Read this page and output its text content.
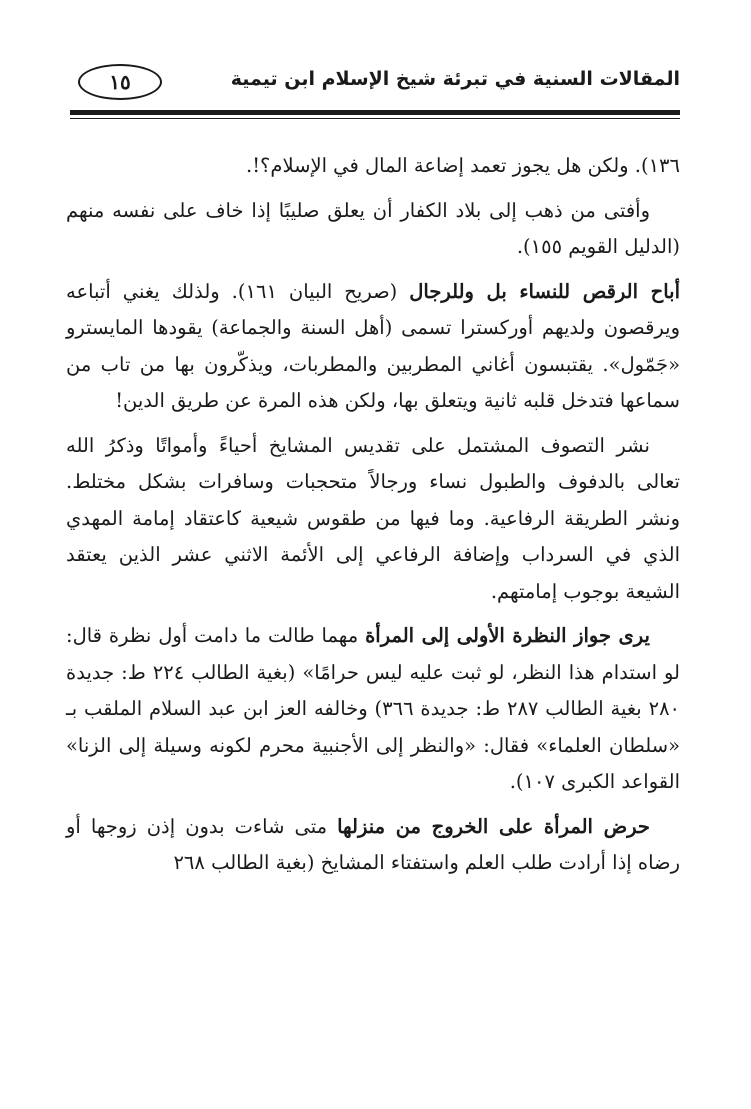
المقالات السنية في تبرئة شيخ الإسلام ابن تيمية
١٥

١٣٦). ولكن هل يجوز تعمد إضاعة المال في الإسلام؟!.

وأفتى من ذهب إلى بلاد الكفار أن يعلق صليبًا إذا خاف على نفسه منهم (الدليل القويم ١٥٥).

أباح الرقص للنساء بل وللرجال (صريح البيان ١٦١). ولذلك يغني أتباعه ويرقصون ولديهم أوركسترا تسمى (أهل السنة والجماعة) يقودها المايسترو «جَمّول». يقتبسون أغاني المطربين والمطربات، ويذكّرون بها من تاب من سماعها فتدخل قلبه ثانية ويتعلق بها، ولكن هذه المرة عن طريق الدين!

نشر التصوف المشتمل على تقديس المشايخ أحياءً وأمواتًا وذكرُ الله تعالى بالدفوف والطبول نساء ورجالاً متحجبات وسافرات بشكل مختلط. ونشر الطريقة الرفاعية. وما فيها من طقوس شيعية كاعتقاد إمامة المهدي الذي في السرداب وإضافة الرفاعي إلى الأئمة الاثني عشر الذين يعتقد الشيعة بوجوب إمامتهم.

يرى جواز النظرة الأولى إلى المرأة مهما طالت ما دامت أول نظرة قال: لو استدام هذا النظر، لو ثبت عليه ليس حرامًا» (بغية الطالب ٢٢٤ ط: جديدة ٢٨٠ بغية الطالب ٢٨٧ ط: جديدة ٣٦٦) وخالفه العز ابن عبد السلام الملقب بـ «سلطان العلماء» فقال: «والنظر إلى الأجنبية محرم لكونه وسيلة إلى الزنا» القواعد الكبرى ١٠٧).

حرض المرأة على الخروج من منزلها متى شاءت بدون إذن زوجها أو رضاه إذا أرادت طلب العلم واستفتاء المشايخ (بغية الطالب ٢٦٨
